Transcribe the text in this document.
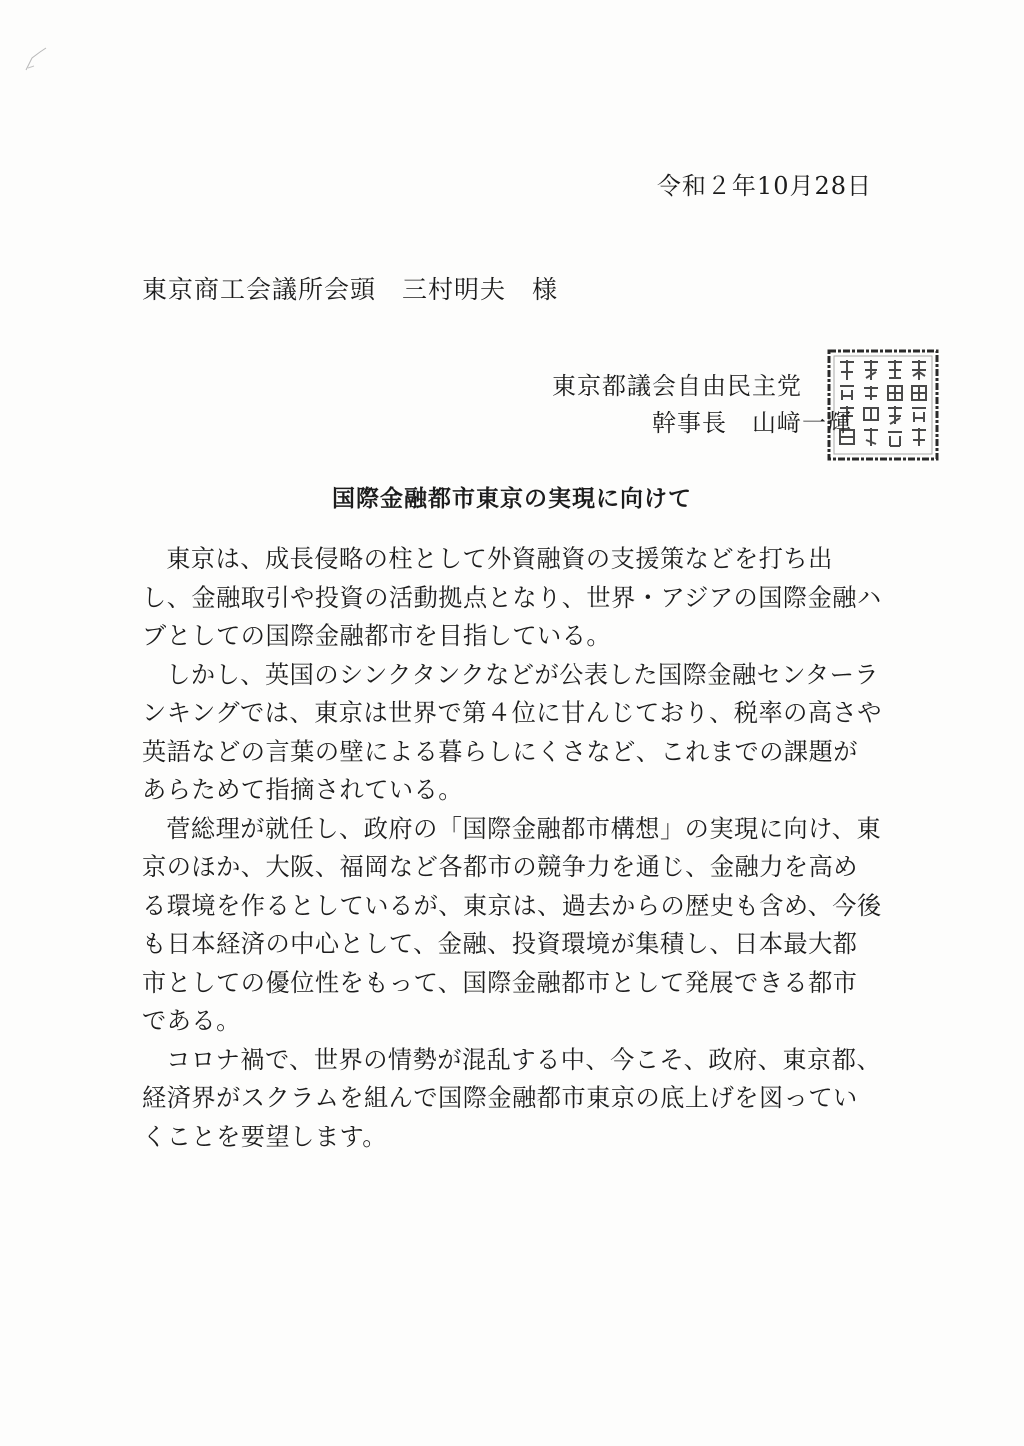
令和２年10月28日
東京商工会議所会頭　三村明夫　様
東京都議会自由民主党
幹事長　山﨑一輝
国際金融都市東京の実現に向けて

東京は、成長侵略の柱として外資融資の支援策などを打ち出し、金融取引や投資の活動拠点となり、世界・アジアの国際金融ハブとしての国際金融都市を目指している。

しかし、英国のシンクタンクなどが公表した国際金融センターランキングでは、東京は世界で第４位に甘んじており、税率の高さや英語などの言葉の壁による暮らしにくさなど、これまでの課題があらためて指摘されている。

菅総理が就任し、政府の「国際金融都市構想」の実現に向け、東京のほか、大阪、福岡など各都市の競争力を通じ、金融力を高める環境を作るとしているが、東京は、過去からの歴史も含め、今後も日本経済の中心として、金融、投資環境が集積し、日本最大都市としての優位性をもって、国際金融都市として発展できる都市である。

コロナ禍で、世界の情勢が混乱する中、今こそ、政府、東京都、経済界がスクラムを組んで国際金融都市東京の底上げを図っていくことを要望します。
